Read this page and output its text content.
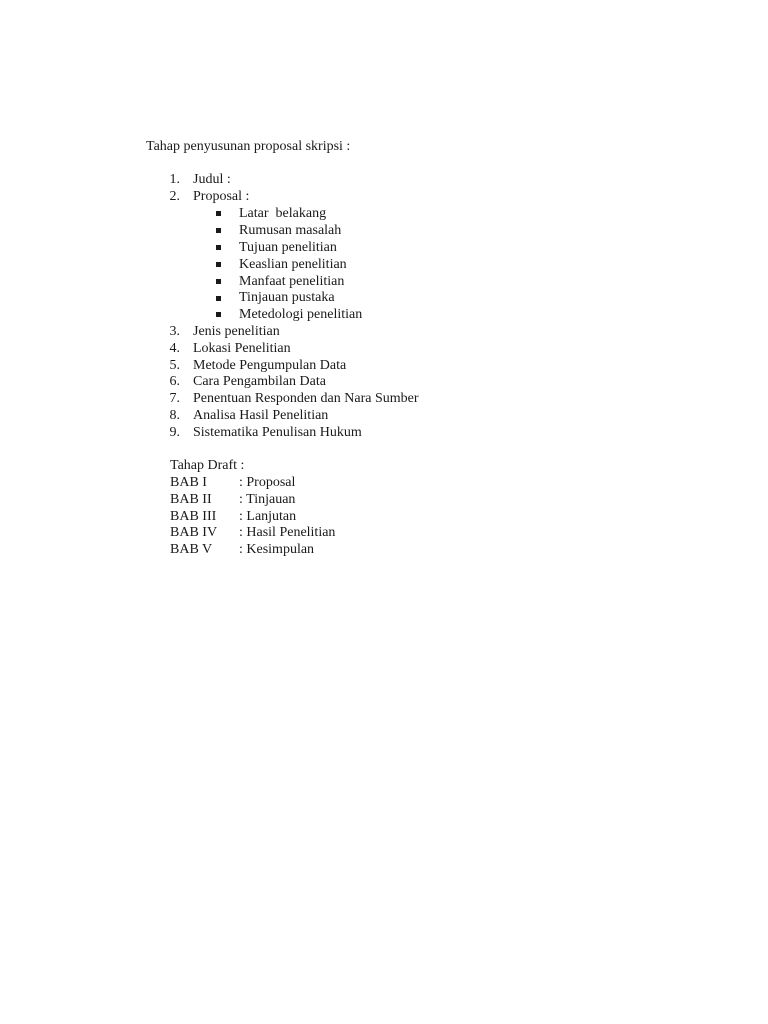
Tahap penyusunan proposal skripsi :
1. Judul :
2. Proposal :
Latar  belakang
Rumusan masalah
Tujuan penelitian
Keaslian penelitian
Manfaat penelitian
Tinjauan pustaka
Metedologi penelitian
3. Jenis penelitian
4. Lokasi Penelitian
5. Metode Pengumpulan Data
6. Cara Pengambilan Data
7. Penentuan Responden dan Nara Sumber
8. Analisa Hasil Penelitian
9. Sistematika Penulisan Hukum
Tahap Draft :
BAB I : Proposal
BAB II : Tinjauan
BAB III : Lanjutan
BAB IV : Hasil Penelitian
BAB V : Kesimpulan
